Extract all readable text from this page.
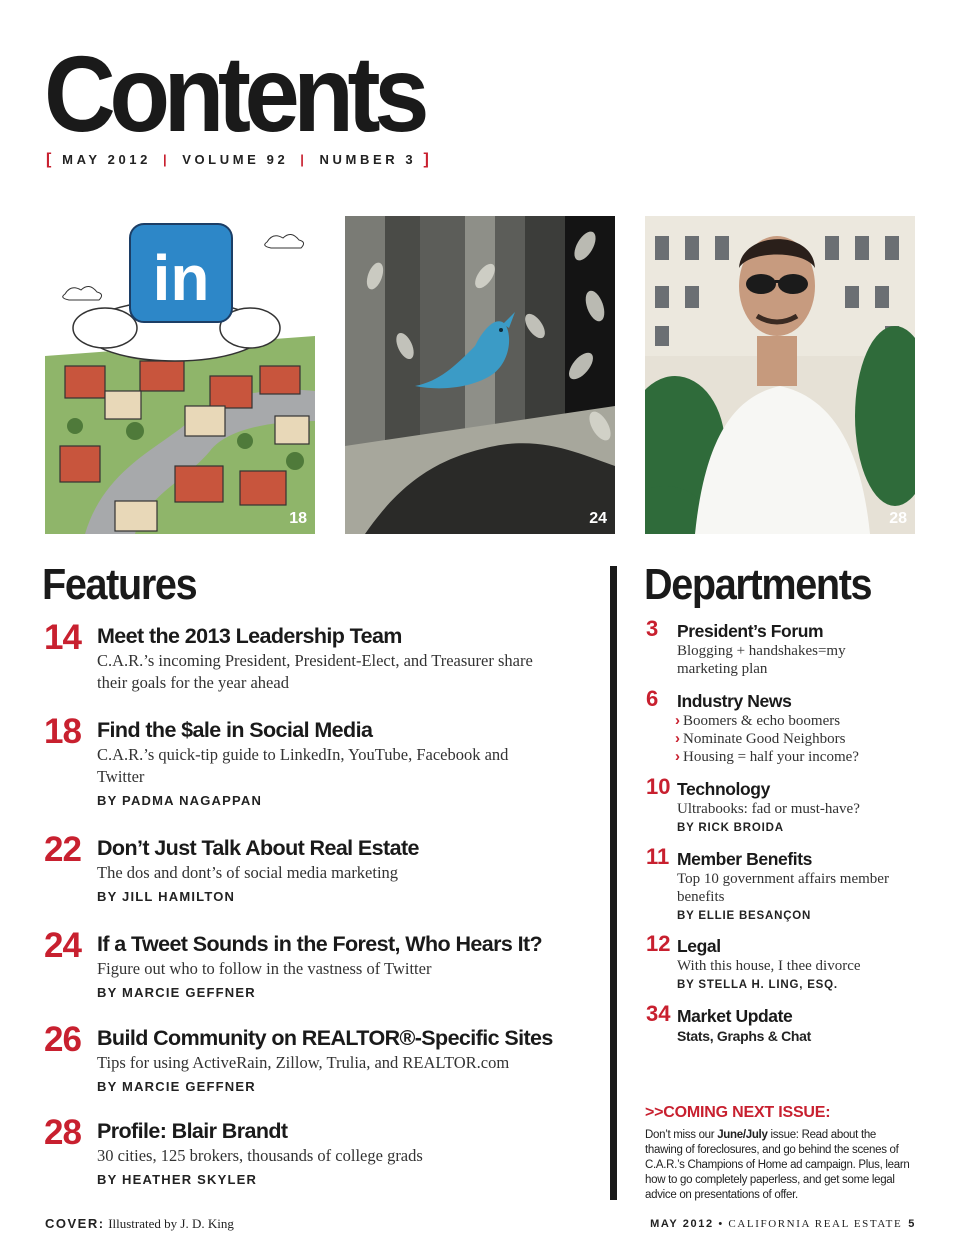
Contents
[ MAY 2012 | VOLUME 92 | NUMBER 3 ]
in
18	24	28
Features	Departments
14 Meet the 2013 Leadership Team
C.A.R.’s incoming President, President-Elect, and Treasurer share their goals for the year ahead
18 Find the $ale in Social Media
C.A.R.’s quick-tip guide to LinkedIn, YouTube, Facebook and Twitter
BY PADMA NAGAPPAN
22 Don’t Just Talk About Real Estate
The dos and dont’s of social media marketing
BY JILL HAMILTON
24 If a Tweet Sounds in the Forest, Who Hears It?
Figure out who to follow in the vastness of Twitter
BY MARCIE GEFFNER
26 Build Community on REALTOR®-Specific Sites
Tips for using ActiveRain, Zillow, Trulia, and REALTOR.com
BY MARCIE GEFFNER
28 Profile: Blair Brandt
30 cities, 125 brokers, thousands of college grads
BY HEATHER SKYLER
3 President’s Forum
Blogging + handshakes=my marketing plan
6 Industry News
› Boomers & echo boomers
› Nominate Good Neighbors
› Housing = half your income?
10 Technology
Ultrabooks: fad or must-have?
BY RICK BROIDA
11 Member Benefits
Top 10 government affairs member benefits
BY ELLIE BESANÇON
12 Legal
With this house, I thee divorce
BY STELLA H. LING, ESQ.
34 Market Update
Stats, Graphs & Chat
>>COMING NEXT ISSUE:
Don’t miss our June/July issue: Read about the thawing of foreclosures, and go behind the scenes of C.A.R.’s Champions of Home ad campaign. Plus, learn how to go completely paperless, and get some legal advice on presentations of offer.
COVER: Illustrated by J. D. King	MAY 2012 • CALIFORNIA REAL ESTATE 5
